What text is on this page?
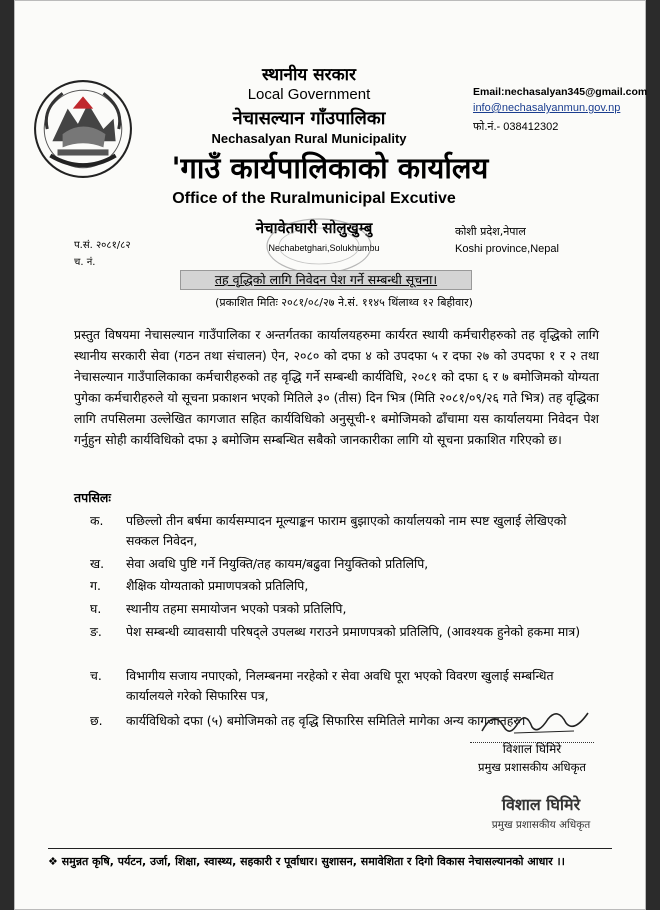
स्थानीय सरकार
Local Government
नेचासल्यान गाँउपालिका
Nechasalyan Rural Municipality
'गाउँ कार्यपालिकाको कार्यालय
Office of the Ruralmunicipal Excutive
नेचावेतघारी सोलुखुम्बु
Nechabetghari,Solukhumbu
Email:nechasalyan345@gmail.com
info@nechasalyanmun.gov.np
फो.नं.- 038412302
कोशी प्रदेश,नेपाल
Koshi province,Nepal
प.सं. २०८१/८२
च. नं.
तह वृद्धिको लागि निवेदन पेश गर्ने सम्बन्धी सूचना।
(प्रकाशित मितिः २०८१/०८/२७ ने.सं. ११४५ थिंलाथ्व १२ बिहीवार)
प्रस्तुत विषयमा नेचासल्यान गाउँपालिका र अन्तर्गतका कार्यालयहरुमा कार्यरत स्थायी कर्मचारीहरुको तह वृद्धिको लागि स्थानीय सरकारी सेवा (गठन तथा संचालन) ऐन, २०८० को दफा ४ को उपदफा ५ र दफा २७ को उपदफा १ र २ तथा नेचासल्यान गाउँपालिकाका कर्मचारीहरुको तह वृद्धि गर्ने सम्बन्धी कार्यविधि, २०८१ को दफा ६ र ७ बमोजिमको योग्यता पुगेका कर्मचारीहरुले यो सूचना प्रकाशन भएको मितिले ३० (तीस) दिन भित्र (मिति २०८१/०९/२६ गते भित्र) तह वृद्धिका लागि तपसिलमा उल्लेखित कागजात सहित कार्यविधिको अनुसूची-१ बमोजिमको ढाँचामा यस कार्यालयमा निवेदन पेश गर्नुहुन सोही कार्यविधिको दफा ३ बमोजिम सम्बन्धित सबैको जानकारीका लागि यो सूचना प्रकाशित गरिएको छ।
तपसिलः
क.	पछिल्लो तीन बर्षमा कार्यसम्पादन मूल्याङ्कन फाराम बुझाएको कार्यालयको नाम स्पष्ट खुलाई लेखिएको सक्कल निवेदन,
ख.	सेवा अवधि पुष्टि गर्ने नियुक्ति/तह कायम/बढुवा नियुक्तिको प्रतिलिपि,
ग.	शैक्षिक योग्यताको प्रमाणपत्रको प्रतिलिपि,
घ.	स्थानीय तहमा समायोजन भएको पत्रको प्रतिलिपि,
ङ.	पेश सम्बन्धी व्यावसायी परिषद्ले उपलब्ध गराउने प्रमाणपत्रको प्रतिलिपि, (आवश्यक हुनेको हकमा मात्र)
च.	विभागीय सजाय नपाएको, निलम्बनमा नरहेको र सेवा अवधि पूरा भएको विवरण खुलाई सम्बन्धित कार्यालयले गरेको सिफारिस पत्र,
छ.	कार्यविधिको दफा (५) बमोजिमको तह वृद्धि सिफारिस समितिले मागेका अन्य कागजातहरु।
विशाल घिमिरे
प्रमुख प्रशासकीय अधिकृत
विशाल घिमिरे
प्रमुख प्रशासकीय अधिकृत
❖ समुन्नत कृषि, पर्यटन, उर्जा, शिक्षा, स्वास्थ्य, सहकारी र पूर्वाधार। सुशासन, समावेशिता र दिगो विकास नेचासल्यानको आधार ।।
